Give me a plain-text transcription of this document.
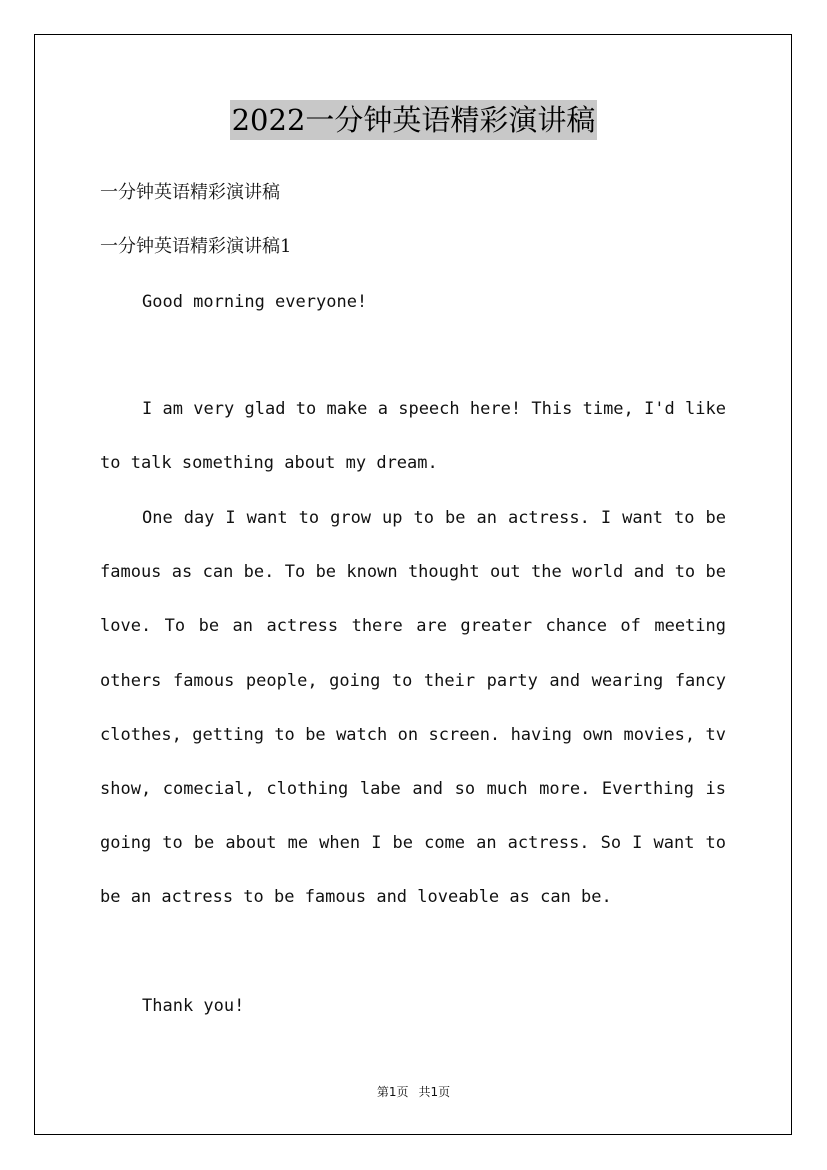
2022一分钟英语精彩演讲稿
一分钟英语精彩演讲稿
一分钟英语精彩演讲稿1
Good morning everyone!

I am very glad to make a speech here! This time, I'd like to talk something about my dream.

One day I want to grow up to be an actress. I want to be famous as can be. To be known thought out the world and to be love. To be an actress there are greater chance of meeting others famous people, going to their party and wearing fancy clothes, getting to be watch on screen. having own movies, tv show, comecial, clothing labe and so much more. Everthing is going to be about me when I be come an actress. So I want to be an actress to be famous and loveable as can be.

Thank you!
第1页 共1页
